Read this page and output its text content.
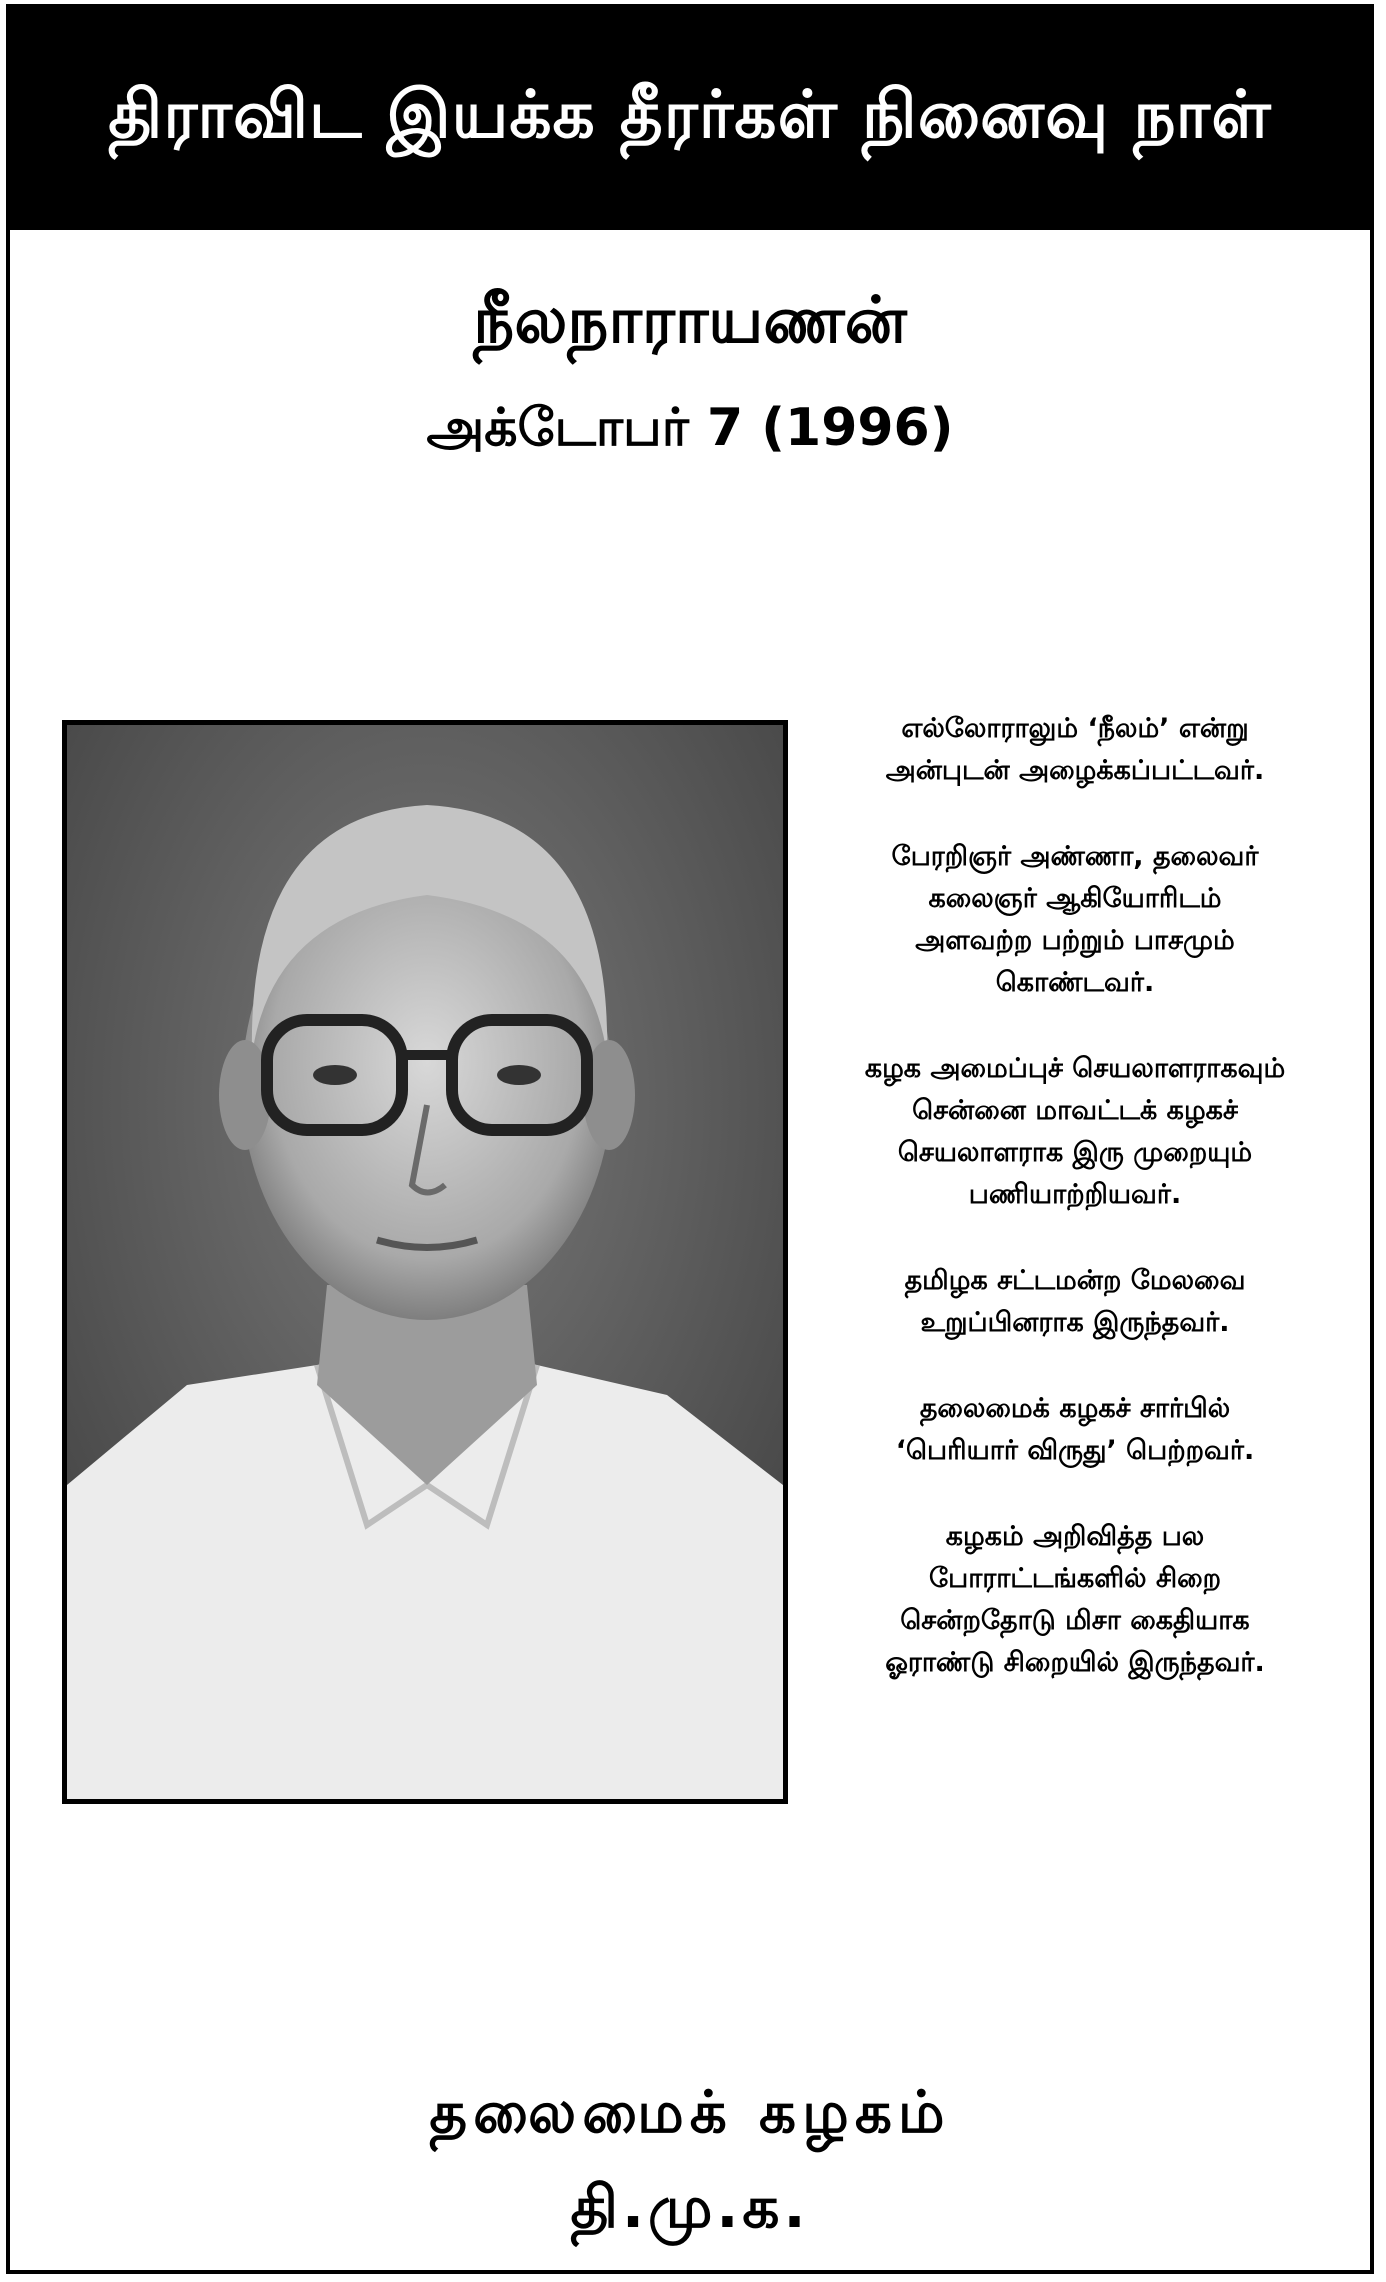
திராவிட இயக்க தீரர்கள் நினைவு நாள்
நீலநாராயணன்
அக்டோபர் 7 (1996)

எல்லோராலும் ‘நீலம்’ என்று
அன்புடன் அழைக்கப்பட்டவர்.

பேரறிஞர் அண்ணா, தலைவர்
கலைஞர் ஆகியோரிடம்
அளவற்ற பற்றும் பாசமும்
கொண்டவர்.

கழக அமைப்புச் செயலாளராகவும்
சென்னை மாவட்டக் கழகச்
செயலாளராக இரு முறையும்
பணியாற்றியவர்.

தமிழக சட்டமன்ற மேலவை
உறுப்பினராக இருந்தவர்.

தலைமைக் கழகச் சார்பில்
‘பெரியார் விருது’ பெற்றவர்.

கழகம் அறிவித்த பல
போராட்டங்களில் சிறை
சென்றதோடு மிசா கைதியாக
ஓராண்டு சிறையில் இருந்தவர்.

தலைமைக் கழகம்
தி.மு.க.
